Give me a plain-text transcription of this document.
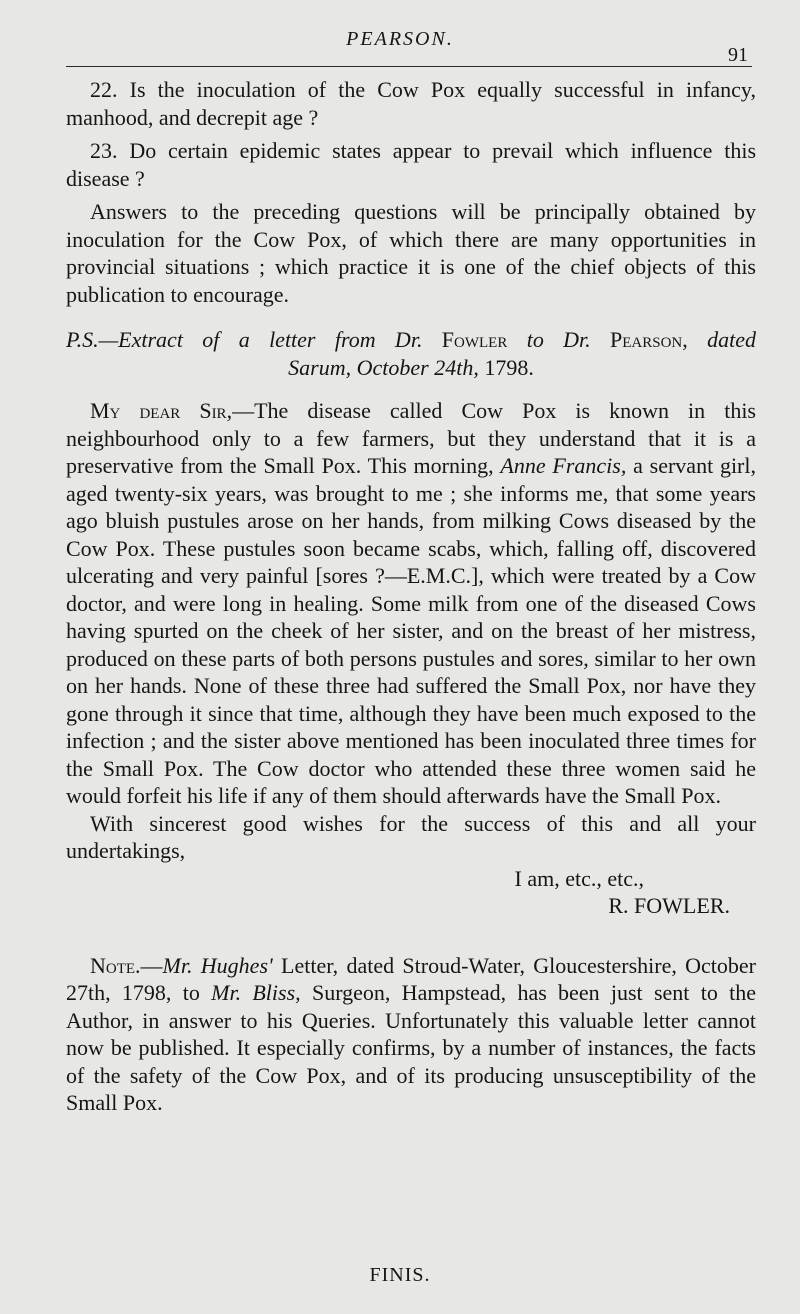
PEARSON.
91

22. Is the inoculation of the Cow Pox equally successful in infancy, manhood, and decrepit age ?

23. Do certain epidemic states appear to prevail which influence this disease ?

Answers to the preceding questions will be principally obtained by inoculation for the Cow Pox, of which there are many opportunities in provincial situations ; which practice it is one of the chief objects of this publication to encourage.

P.S.—Extract of a letter from Dr. Fowler to Dr. Pearson, dated

Sarum, October 24th, 1798.

My dear Sir,—The disease called Cow Pox is known in this neighbourhood only to a few farmers, but they understand that it is a preservative from the Small Pox. This morning, Anne Francis, a servant girl, aged twenty-six years, was brought to me ; she informs me, that some years ago bluish pustules arose on her hands, from milking Cows diseased by the Cow Pox. These pustules soon became scabs, which, falling off, discovered ulcerating and very painful [sores ?—E.M.C.], which were treated by a Cow doctor, and were long in healing. Some milk from one of the diseased Cows having spurted on the cheek of her sister, and on the breast of her mistress, produced on these parts of both persons pustules and sores, similar to her own on her hands. None of these three had suffered the Small Pox, nor have they gone through it since that time, although they have been much exposed to the infection ; and the sister above mentioned has been inoculated three times for the Small Pox. The Cow doctor who attended these three women said he would forfeit his life if any of them should afterwards have the Small Pox.

With sincerest good wishes for the success of this and all your undertakings,

I am, etc., etc.,

R. FOWLER.

Note.—Mr. Hughes' Letter, dated Stroud-Water, Gloucestershire, October 27th, 1798, to Mr. Bliss, Surgeon, Hampstead, has been just sent to the Author, in answer to his Queries. Unfortunately this valuable letter cannot now be published. It especially confirms, by a number of instances, the facts of the safety of the Cow Pox, and of its producing unsusceptibility of the Small Pox.

FINIS.
